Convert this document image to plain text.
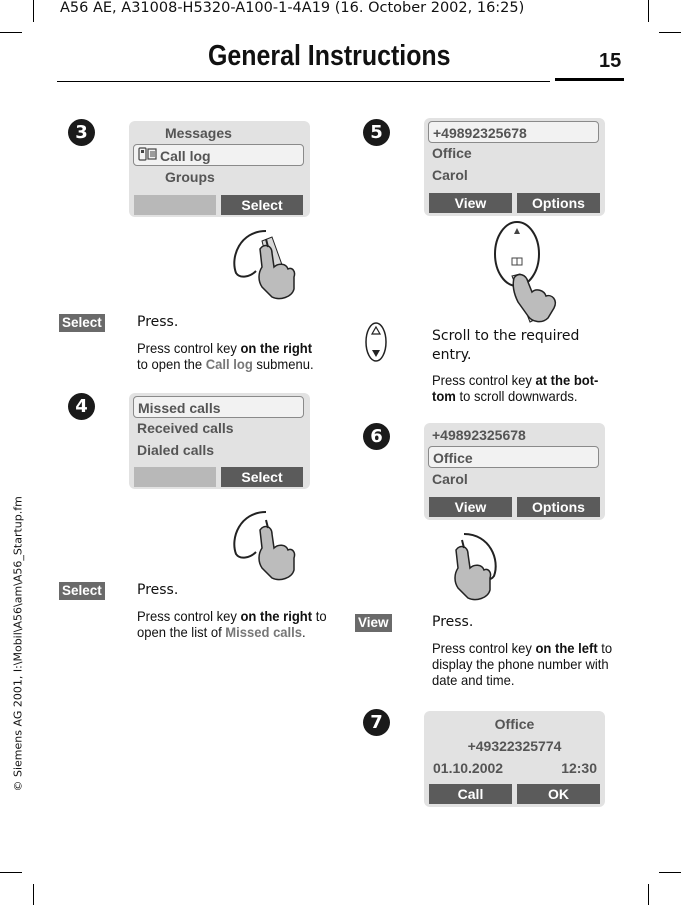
A56 AE, A31008-H5320-A100-1-4A19 (16. October 2002, 16:25)
© Siemens AG 2001, I:\Mobil\A56\am\A56_Startup.fm
General Instructions	15
3	Messages
Call log
Groups
Select
Select	Press.
Press control key on the right to open the Call log submenu.
4	Missed calls
Received calls
Dialed calls
Select
Select	Press.
Press control key on the right to open the list of Missed calls.
5	+49892325678
Office
Carol
View	Options
Scroll to the required entry.
Press control key at the bot-tom to scroll downwards.
6	+49892325678
Office
Carol
View	Options
View	Press.
Press control key on the left to display the phone number with date and time.
7	Office
+49322325774
01.10.2002	12:30
Call	OK
